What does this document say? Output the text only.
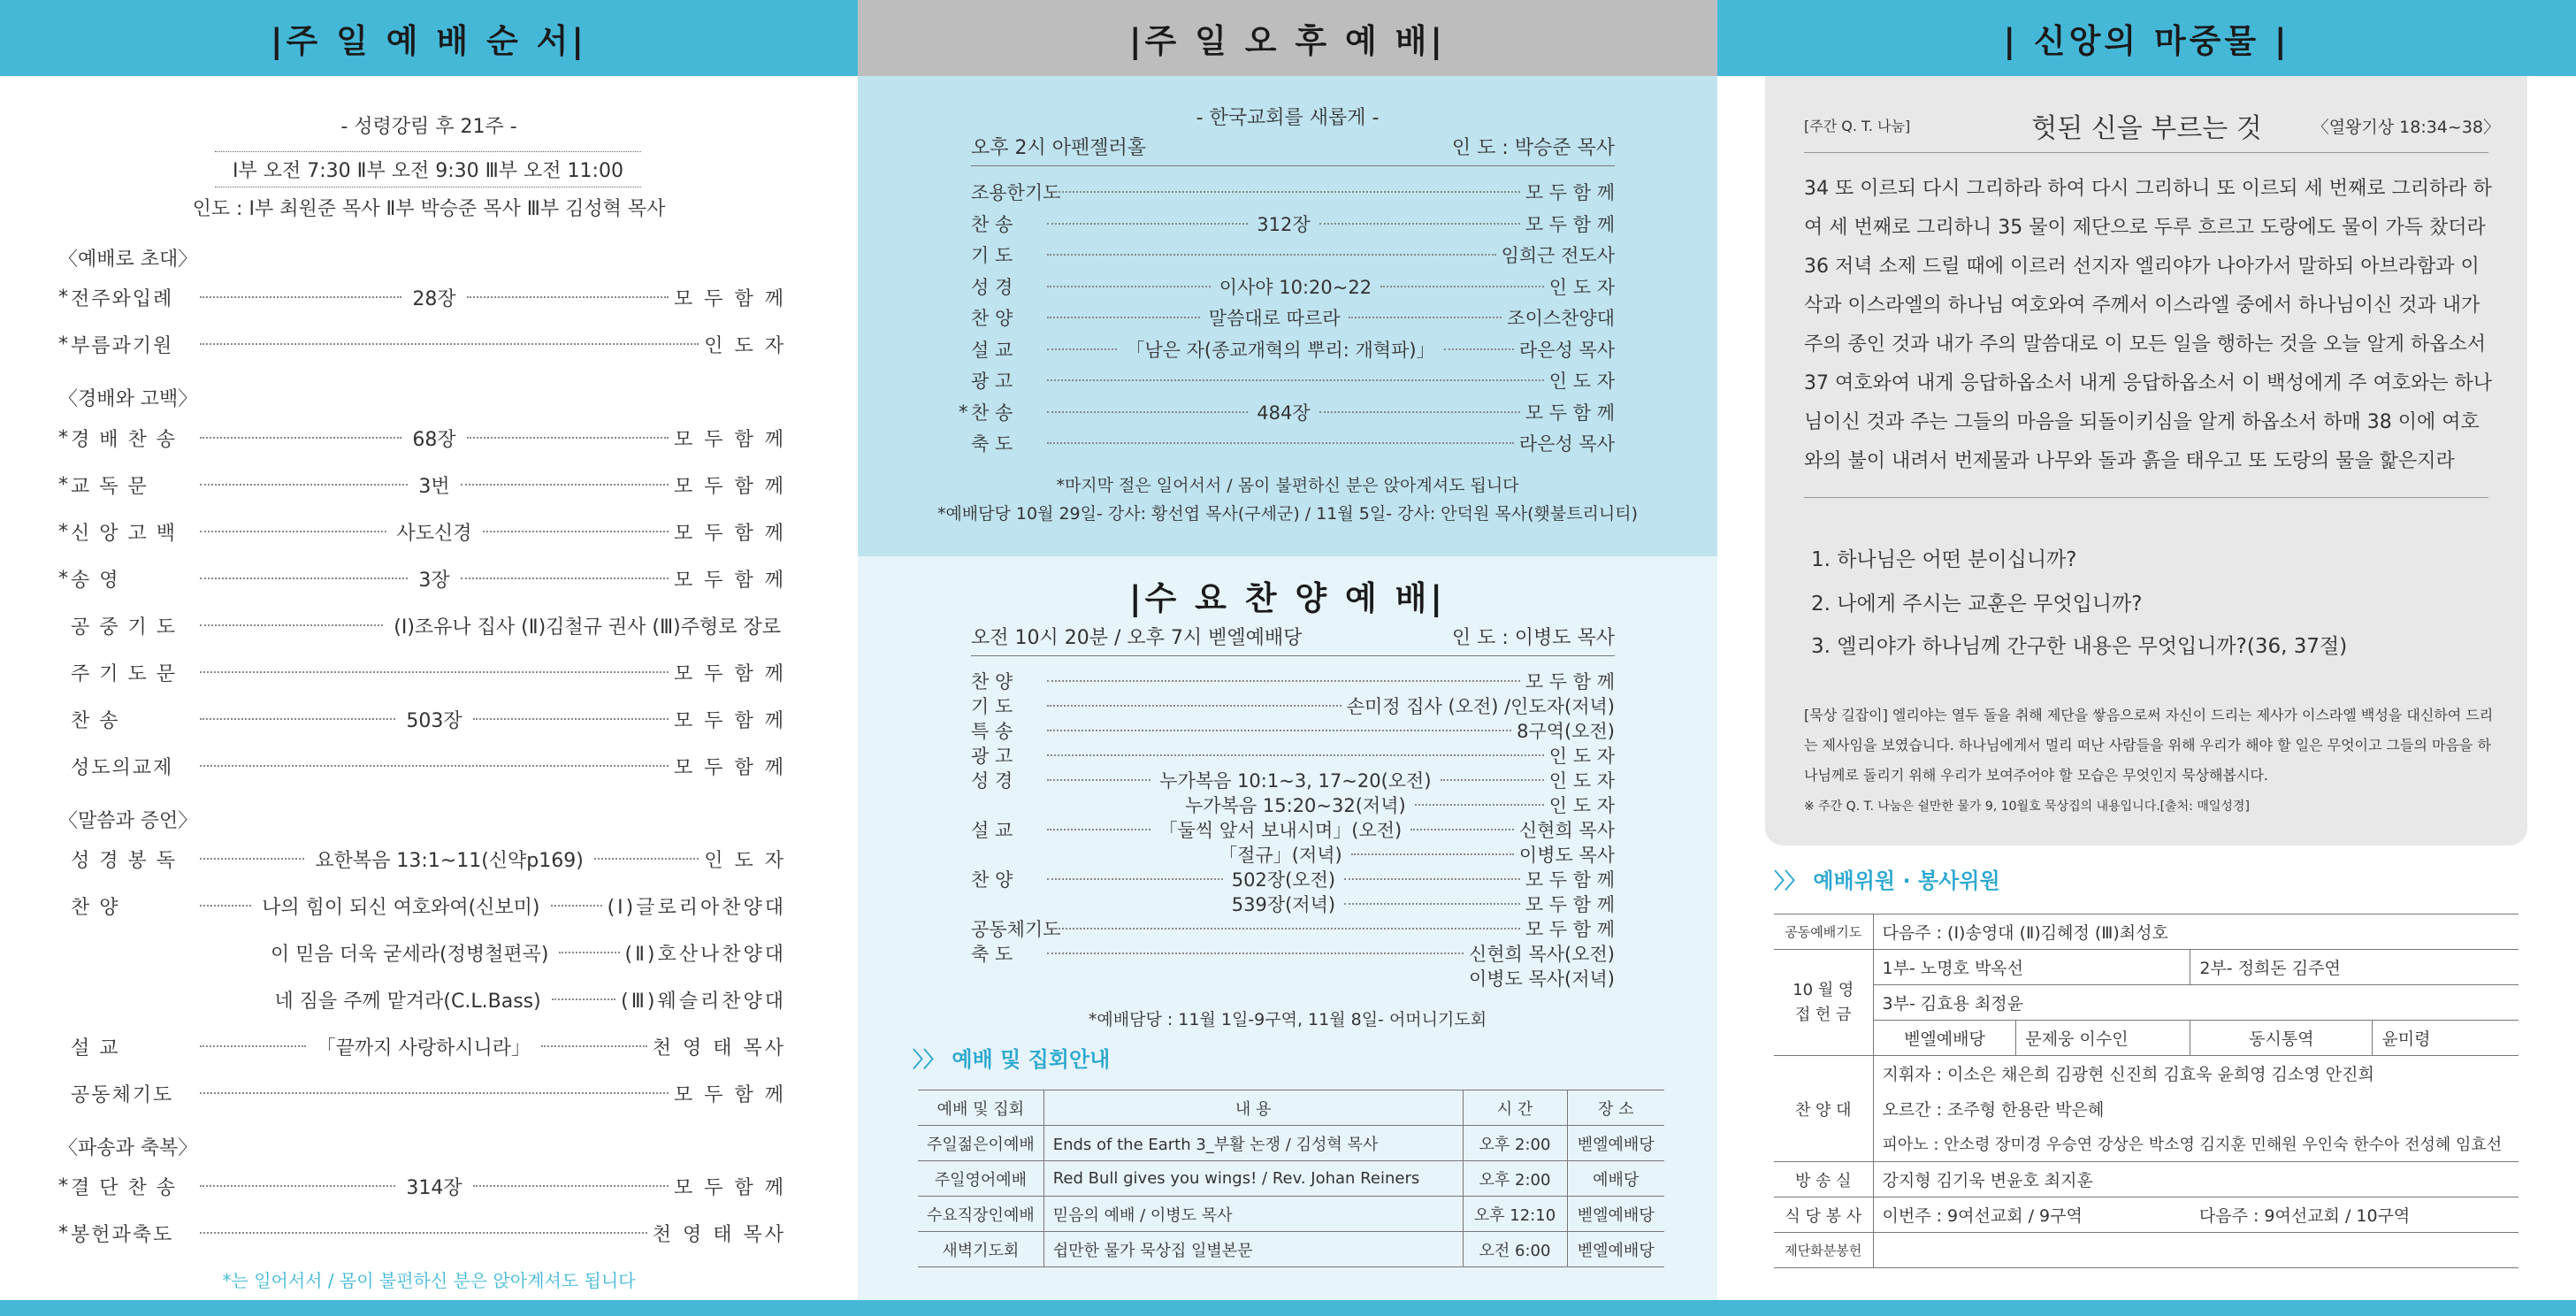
|주 일 예 배 순 서|	|주 일 오 후 예 배|	| 신앙의 마중물 |
- 성령강림 후 21주 -
Ⅰ부 오전 7:30 Ⅱ부 오전 9:30 Ⅲ부 오전 11:00
인도 : Ⅰ부 최원준 목사 Ⅱ부 박승준 목사 Ⅲ부 김성혁 목사
〈예배로 초대〉
* 전주와입례	28장	모 두 함 께
* 부름과기원	인 도 자
〈경배와 고백〉
* 경 배 찬 송	68장	모 두 함 께
* 교 독 문	3번	모 두 함 께
* 신 앙 고 백	사도신경	모 두 함 께
* 송 영	3장	모 두 함 께
공 중 기 도	(Ⅰ)조유나 집사 (Ⅱ)김철규 권사 (Ⅲ)주형로 장로
주 기 도 문	모 두 함 께
찬 송	503장	모 두 함 께
성도의교제	모 두 함 께
〈말씀과 증언〉
성 경 봉 독	요한복음 13:1~11(신약p169)	인 도 자
찬 양	나의 힘이 되신 여호와여(신보미)	(Ⅰ)글로리아찬양대
이 믿음 더욱 굳세라(정병철편곡)	(Ⅱ)호산나찬양대
네 짐을 주께 맡겨라(C.L.Bass)	(Ⅲ)웨슬리찬양대
설 교	「끝까지 사랑하시니라」	천 영 태 목사
공동체기도	모 두 함 께
〈파송과 축복〉
* 결 단 찬 송	314장	모 두 함 께
* 봉헌과축도	천 영 태 목사
*는 일어서서 / 몸이 불편하신 분은 앉아계셔도 됩니다
- 한국교회를 새롭게 -
오후 2시 아펜젤러홀	인 도 : 박승준 목사
조용한기도	모 두 함 께
찬 송	312장	모 두 함 께
기 도	임희근 전도사
성 경	이사야 10:20~22	인 도 자
찬 양	말씀대로 따르라	조이스찬양대
설 교	「남은 자(종교개혁의 뿌리: 개혁파)」	라은성 목사
광 고	인 도 자
* 찬 송	484장	모 두 함 께
축 도	라은성 목사
*마지막 절은 일어서서 / 몸이 불편하신 분은 앉아계셔도 됩니다
*예배담당 10월 29일- 강사: 황선엽 목사(구세군) / 11월 5일- 강사: 안덕원 목사(횃불트리니티)
|수 요 찬 양 예 배|
오전 10시 20분 / 오후 7시 벧엘예배당	인 도 : 이병도 목사
찬 양	모 두 함 께
기 도	손미정 집사 (오전) /인도자(저녁)
특 송	8구역(오전)
광 고	인 도 자
성 경	누가복음 10:1~3, 17~20(오전)	인 도 자
누가복음 15:20~32(저녁)	인 도 자
설 교	「둘씩 앞서 보내시며」(오전)	신현희 목사
「절규」(저녁)	이병도 목사
찬 양	502장(오전)	모 두 함 께
539장(저녁)	모 두 함 께
공동체기도	모 두 함 께
축 도	신현희 목사(오전)
이병도 목사(저녁)
*예배담당 : 11월 1일-9구역, 11월 8일- 어머니기도회
〉〉 예배 및 집회안내
예배 및 집회	내 용	시 간	장 소
주일젊은이예배	Ends of the Earth 3_부활 논쟁 / 김성혁 목사	오후 2:00	벧엘예배당
주일영어예배	Red Bull gives you wings! / Rev. Johan Reiners	오후 2:00	예배당
수요직장인예배	믿음의 예배 / 이병도 목사	오후 12:10	벧엘예배당
새벽기도회	쉽만한 물가 묵상집 일별본문	오전 6:00	벧엘예배당
[주간 Q. T. 나눔]	헛된 신을 부르는 것	〈열왕기상 18:34~38〉
34 또 이르되 다시 그리하라 하여 다시 그리하니 또 이르되 세 번째로 그리하라 하여 세 번째로 그리하니 35 물이 제단으로 두루 흐르고 도랑에도 물이 가득 찼더라 36 저녁 소제 드릴 때에 이르러 선지자 엘리야가 나아가서 말하되 아브라함과 이삭과 이스라엘의 하나님 여호와여 주께서 이스라엘 중에서 하나님이신 것과 내가 주의 종인 것과 내가 주의 말씀대로 이 모든 일을 행하는 것을 오늘 알게 하옵소서 37 여호와여 내게 응답하옵소서 내게 응답하옵소서 이 백성에게 주 여호와는 하나님이신 것과 주는 그들의 마음을 되돌이키심을 알게 하옵소서 하매 38 이에 여호와의 불이 내려서 번제물과 나무와 돌과 흙을 태우고 또 도랑의 물을 핥은지라
1. 하나님은 어떤 분이십니까?
2. 나에게 주시는 교훈은 무엇입니까?
3. 엘리야가 하나님께 간구한 내용은 무엇입니까?(36, 37절)
[묵상 길잡이] 엘리야는 열두 돌을 취해 제단을 쌓음으로써 자신이 드리는 제사가 이스라엘 백성을 대신하여 드리는 제사임을 보였습니다. 하나님에게서 멀리 떠난 사람들을 위해 우리가 해야 할 일은 무엇이고 그들의 마음을 하나님께로 돌리기 위해 우리가 보여주어야 할 모습은 무엇인지 묵상해봅시다.
※ 주간 Q. T. 나눔은 쉴만한 물가 9, 10월호 묵상집의 내용입니다.[출처: 매일성경]
〉〉 예배위원 · 봉사위원
공동예배기도	다음주 : (Ⅰ)송영대 (Ⅱ)김혜정 (Ⅲ)최성호			
10 월 영 접 헌 금	1부- 노명호 박옥선		2부- 정희돈 김주연	
	3부- 김효용 최정윤			
	벧엘예배당	문제웅 이수인	동시통역	윤미령
찬 양 대	지휘자 : 이소은 채은희 김광현 신진희 김효욱 윤희영 김소영 안진희			
	오르간 : 조주형 한용란 박은혜			
	피아노 : 안소령 장미경 우승연 강상은 박소영 김지훈 민해원 우인숙 한수아 전성혜 임효선			
방 송 실	강지형 김기욱 변윤호 최지훈			
식 당 봉 사	이번주 : 9여선교회 / 9구역		다음주 : 9여선교회 / 10구역	
제단화분봉헌				
